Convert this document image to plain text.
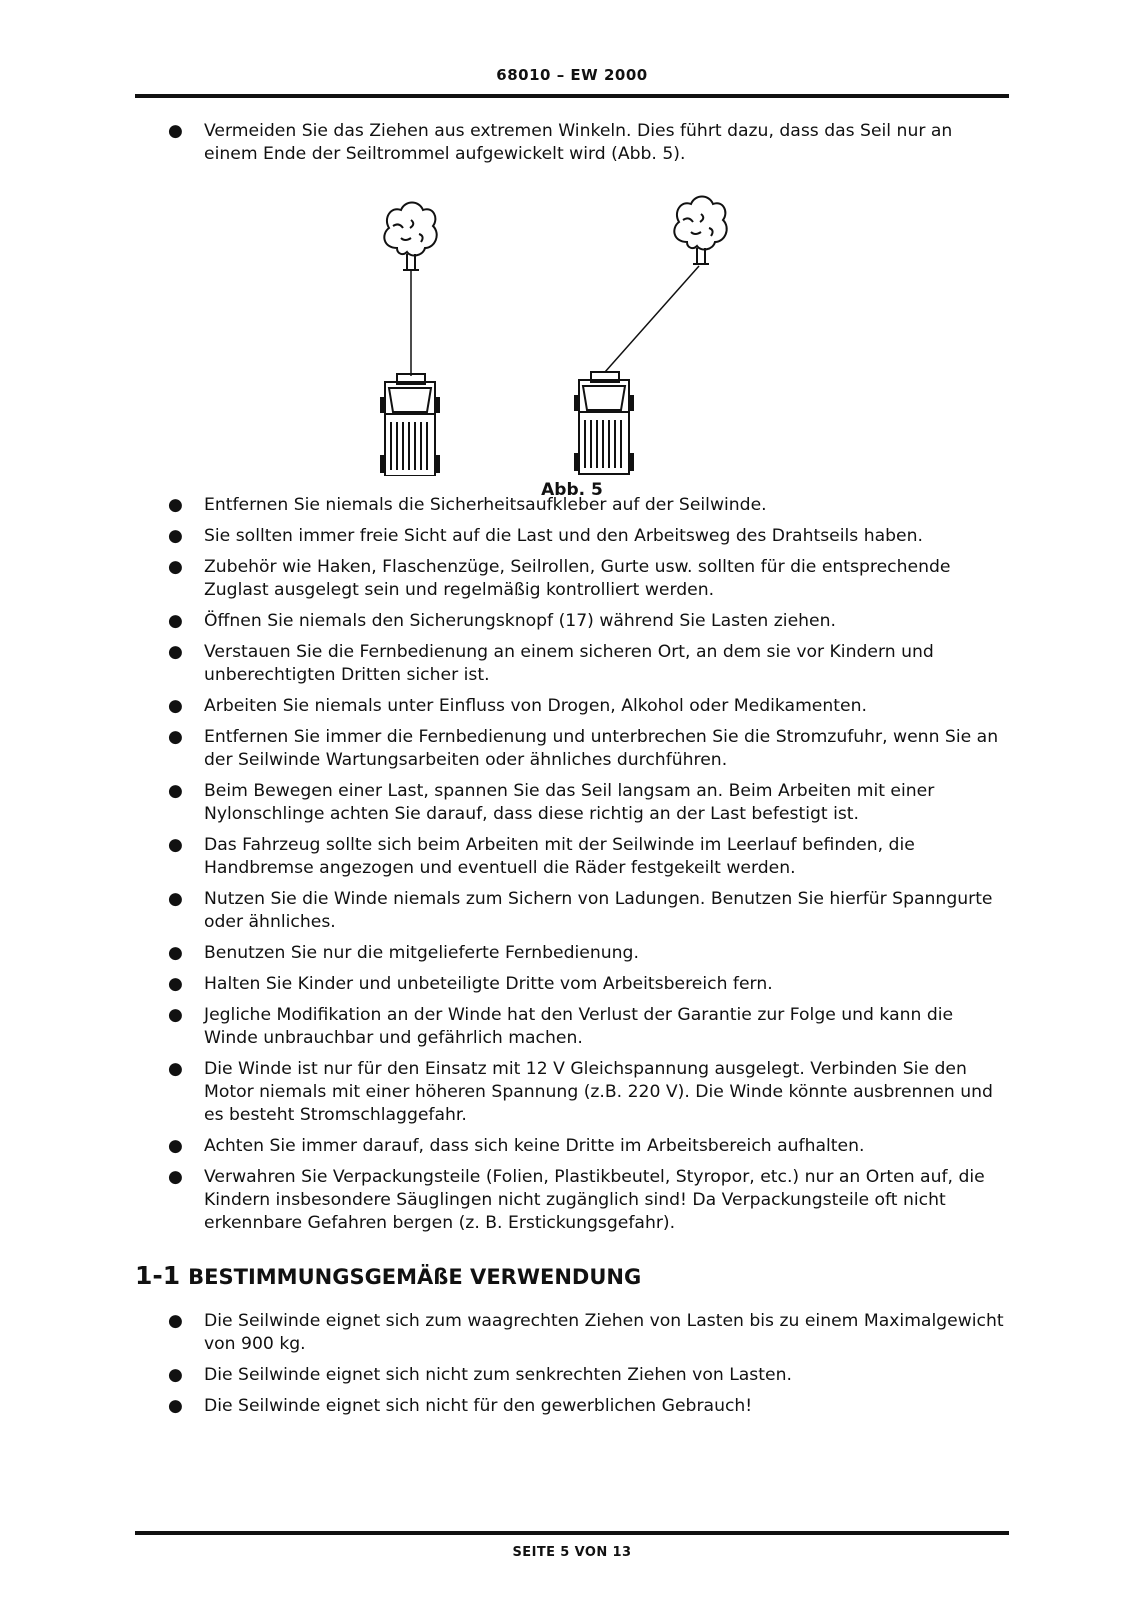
68010 – EW 2000
● Vermeiden Sie das Ziehen aus extremen Winkeln. Dies führt dazu, dass das Seil nur an einem Ende der Seiltrommel aufgewickelt wird (Abb. 5).
Abb. 5
● Entfernen Sie niemals die Sicherheitsaufkleber auf der Seilwinde.
● Sie sollten immer freie Sicht auf die Last und den Arbeitsweg des Drahtseils haben.
● Zubehör wie Haken, Flaschenzüge, Seilrollen, Gurte usw. sollten für die entsprechende Zuglast ausgelegt sein und regelmäßig kontrolliert werden.
● Öffnen Sie niemals den Sicherungsknopf (17) während Sie Lasten ziehen.
● Verstauen Sie die Fernbedienung an einem sicheren Ort, an dem sie vor Kindern und unberechtigten Dritten sicher ist.
● Arbeiten Sie niemals unter Einfluss von Drogen, Alkohol oder Medikamenten.
● Entfernen Sie immer die Fernbedienung und unterbrechen Sie die Stromzufuhr, wenn Sie an der Seilwinde Wartungsarbeiten oder ähnliches durchführen.
● Beim Bewegen einer Last, spannen Sie das Seil langsam an. Beim Arbeiten mit einer Nylonschlinge achten Sie darauf, dass diese richtig an der Last befestigt ist.
● Das Fahrzeug sollte sich beim Arbeiten mit der Seilwinde im Leerlauf befinden, die Handbremse angezogen und eventuell die Räder festgekeilt werden.
● Nutzen Sie die Winde niemals zum Sichern von Ladungen. Benutzen Sie hierfür Spanngurte oder ähnliches.
● Benutzen Sie nur die mitgelieferte Fernbedienung.
● Halten Sie Kinder und unbeteiligte Dritte vom Arbeitsbereich fern.
● Jegliche Modifikation an der Winde hat den Verlust der Garantie zur Folge und kann die Winde unbrauchbar und gefährlich machen.
● Die Winde ist nur für den Einsatz mit 12 V Gleichspannung ausgelegt. Verbinden Sie den Motor niemals mit einer höheren Spannung (z.B. 220 V). Die Winde könnte ausbrennen und es besteht Stromschlaggefahr.
● Achten Sie immer darauf, dass sich keine Dritte im Arbeitsbereich aufhalten.
● Verwahren Sie Verpackungsteile (Folien, Plastikbeutel, Styropor, etc.) nur an Orten auf, die Kindern insbesondere Säuglingen nicht zugänglich sind! Da Verpackungsteile oft nicht erkennbare Gefahren bergen (z. B. Erstickungsgefahr).
1-1 BESTIMMUNGSGEMÄßE VERWENDUNG
● Die Seilwinde eignet sich zum waagrechten Ziehen von Lasten bis zu einem Maximalgewicht von 900 kg.
● Die Seilwinde eignet sich nicht zum senkrechten Ziehen von Lasten.
● Die Seilwinde eignet sich nicht für den gewerblichen Gebrauch!
SEITE 5 VON 13
